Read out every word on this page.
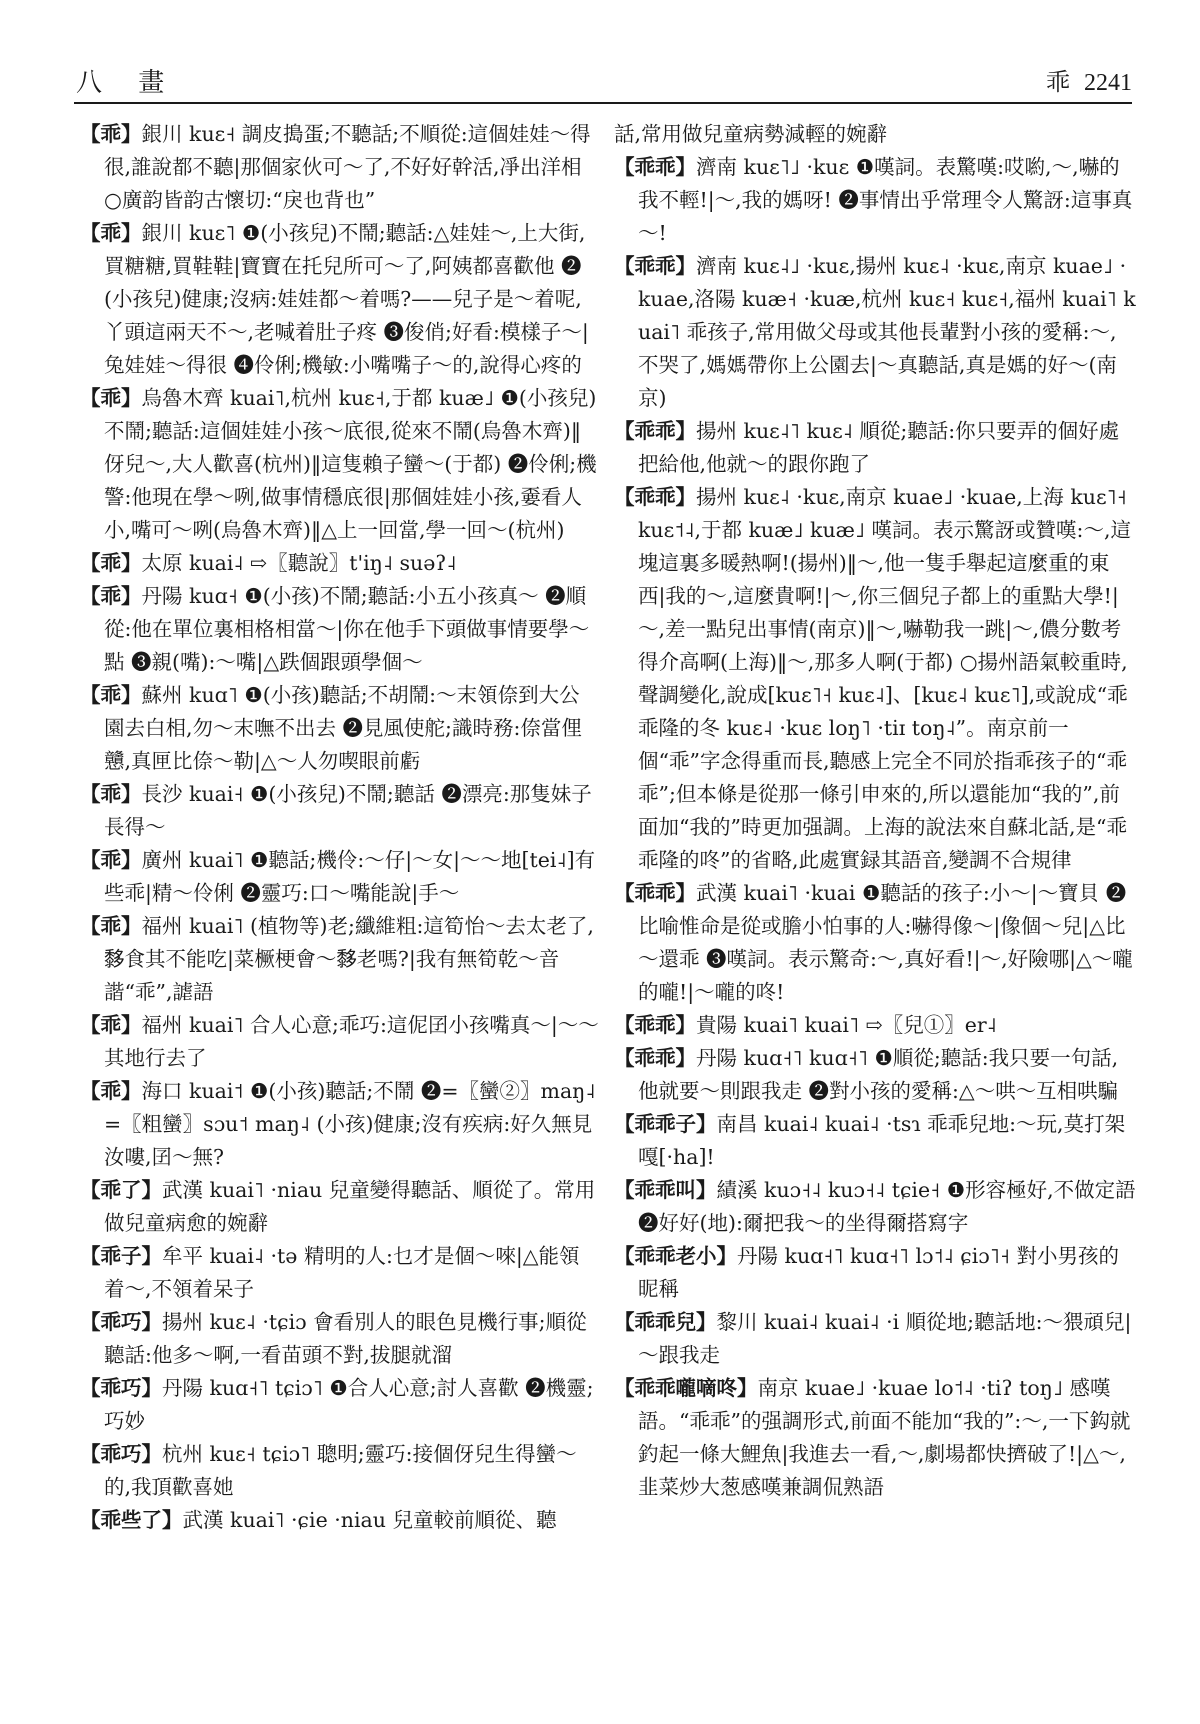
八 畫	乖 2241

【乖】銀川 kuɛ˧ 調皮搗蛋;不聽話;不順從:這個娃娃～得很,誰說都不聽|那個家伙可～了,不好好幹活,凈出洋相 ○廣韵皆韵古懷切:“戾也背也”

【乖】銀川 kuɛ˥ ❶(小孩兒)不鬧;聽話:△娃娃～,上大街,買糖糖,買鞋鞋|寶寶在托兒所可～了,阿姨都喜歡他 ❷(小孩兒)健康;沒病:娃娃都～着嗎?——兒子是～着呢,丫頭這兩天不～,老喊着肚子疼 ❸俊俏;好看:模樣子～|兔娃娃～得很 ❹伶俐;機敏:小嘴嘴子～的,說得心疼的

【乖】烏魯木齊 kuai˥,杭州 kuɛ˧,于都 kuæ˩ ❶(小孩兒)不鬧;聽話:這個娃娃小孩～底很,從來不鬧(烏魯木齊)‖伢兒～,大人歡喜(杭州)‖這隻賴子蠻～(于都) ❷伶俐;機警:他現在學～咧,做事情穩底很|那個娃娃小孩,嫑看人小,嘴可～咧(烏魯木齊)‖△上一回當,學一回～(杭州)

【乖】太原 kuai˨ ⇨〖聽說〗t'iŋ˨ suəʔ˨

【乖】丹陽 kuɑ˧ ❶(小孩)不鬧;聽話:小五小孩真～ ❷順從:他在單位裏相格相當～|你在他手下頭做事情要學～點 ❸親(嘴):～嘴|△跌個跟頭學個～

【乖】蘇州 kuɑ˥ ❶(小孩)聽話;不胡鬧:～末領倷到大公園去白相,勿～末嘸不出去 ❷見風使舵;識時務:倷當俚戇,真匣比倷～勒|△～人勿喫眼前虧

【乖】長沙 kuai˧ ❶(小孩兒)不鬧;聽話 ❷漂亮:那隻妹子長得～

【乖】廣州 kuai˥ ❶聽話;機伶:～仔|～女|～～地[tei˨]有些乖|精～伶俐 ❷靈巧:口～嘴能說|手～

【乖】福州 kuai˥ (植物等)老;纖維粗:這筍怡～去太老了,𪐀食其不能吃|菜橛梗會～𪐀老嗎?|我有無筍乾～音諧“乖”,謔語

【乖】福州 kuai˥ 合人心意;乖巧:這伲囝小孩嘴真～|～～其地行去了

【乖】海口 kuai˦ ❶(小孩)聽話;不鬧 ❷=〖蠻②〗maŋ˨ =〖粗蠻〗sɔu˦ maŋ˨ (小孩)健康;沒有疾病:好久無見汝嘍,囝～無?

【乖了】武漢 kuai˥ ·niau 兒童變得聽話、順從了。常用做兒童病愈的婉辭

【乖子】牟平 kuai˨ ·tə 精明的人:乜才是個～唻|△能領着～,不領着呆子

【乖巧】揚州 kuɛ˨ ·tɕiɔ 會看別人的眼色見機行事;順從聽話:他多～啊,一看苗頭不對,拔腿就溜

【乖巧】丹陽 kuɑ˧˥ tɕiɔ˥ ❶合人心意;討人喜歡 ❷機靈;巧妙

【乖巧】杭州 kuɛ˧ tɕiɔ˥ 聰明;靈巧:接個伢兒生得蠻～的,我頂歡喜她

【乖些了】武漢 kuai˥ ·ɕie ·niau 兒童較前順從、聽

話,常用做兒童病勢減輕的婉辭

【乖乖】濟南 kuɛ˥˩ ·kuɛ ❶嘆詞。表驚嘆:哎喲,～,嚇的我不輕!|～,我的媽呀! ❷事情出乎常理令人驚訝:這事真～!

【乖乖】濟南 kuɛ˨˩ ·kuɛ,揚州 kuɛ˨ ·kuɛ,南京 kuae˩ ·kuae,洛陽 kuæ˧ ·kuæ,杭州 kuɛ˧ kuɛ˧,福州 kuai˥ kuai˥ 乖孩子,常用做父母或其他長輩對小孩的愛稱:～,不哭了,媽媽帶你上公園去|～真聽話,真是媽的好～(南京)

【乖乖】揚州 kuɛ˨˥ kuɛ˨ 順從;聽話:你只要弄的個好處把給他,他就～的跟你跑了

【乖乖】揚州 kuɛ˨ ·kuɛ,南京 kuae˩ ·kuae,上海 kuɛ˥˧ kuɛ˦˨,于都 kuæ˩ kuæ˩ 嘆詞。表示驚訝或贊嘆:～,這塊這裏多暖熱啊!(揚州)‖～,他一隻手舉起這麼重的東西|我的～,這麼貴啊!|～,你三個兒子都上的重點大學!|～,差一點兒出事情(南京)‖～,嚇勒我一跳|～,儂分數考得介高啊(上海)‖～,那多人啊(于都) ○揚州語氣較重時,聲調變化,說成[kuɛ˥˧ kuɛ˨]、[kuɛ˨ kuɛ˥],或說成“乖乖隆的冬 kuɛ˨ ·kuɛ loŋ˥ ·tiɪ toŋ˨”。南京前一個“乖”字念得重而長,聽感上完全不同於指乖孩子的“乖乖”;但本條是從那一條引申來的,所以還能加“我的”,前面加“我的”時更加强調。上海的說法來自蘇北話,是“乖乖隆的咚”的省略,此處實録其語音,變調不合規律

【乖乖】武漢 kuai˥ ·kuai ❶聽話的孩子:小～|～寶貝 ❷比喻惟命是從或膽小怕事的人:嚇得像～|像個～兒|△比～還乖 ❸嘆詞。表示驚奇:～,真好看!|～,好險哪|△～嚨的嚨!|～嚨的咚!

【乖乖】貴陽 kuai˥ kuai˥ ⇨〖兒①〗er˨

【乖乖】丹陽 kuɑ˧˥ kuɑ˧˥ ❶順從;聽話:我只要一句話,他就要～則跟我走 ❷對小孩的愛稱:△～哄～互相哄騙

【乖乖子】南昌 kuai˨ kuai˨ ·tsɿ 乖乖兒地:～玩,莫打架嘎[·ha]!

【乖乖叫】績溪 kuɔ˧˨ kuɔ˧˨ tɕie˧ ❶形容極好,不做定語 ❷好好(地):爾把我～的坐得爾搭寫字

【乖乖老小】丹陽 kuɑ˧˥ kuɑ˧˥ lɔ˦˨ ɕiɔ˥˧ 對小男孩的昵稱

【乖乖兒】黎川 kuai˨ kuai˨ ·i 順從地;聽話地:～猥頑兒|～跟我走

【乖乖嚨嘀咚】南京 kuae˩ ·kuae lo˦˨ ·tiʔ toŋ˩ 感嘆語。“乖乖”的强調形式,前面不能加“我的”:～,一下鈎就釣起一條大鯉魚|我進去一看,～,劇場都快擠破了!|△～,韭菜炒大葱感嘆兼調侃熟語
